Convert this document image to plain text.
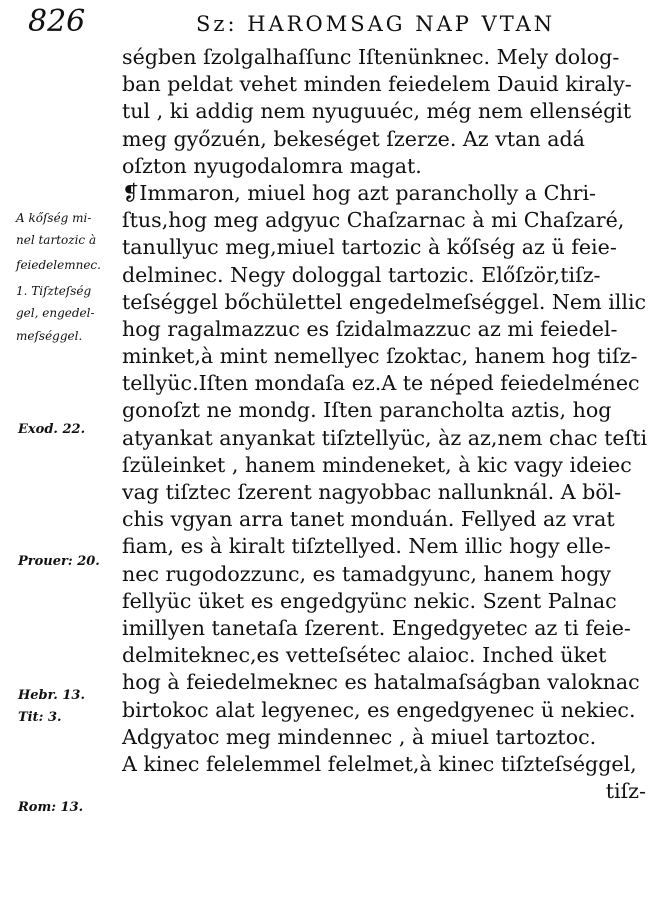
826	Sz: HAROMSAG NAP VTAN
ségben ſzolgalhaſſunc Iſtenünknec. Mely dolog-
ban peldat vehet minden feiedelem Dauid kiraly-
tul , ki addig nem nyuguuéc, még nem ellenségit
meg győzuén, bekeséget ſzerze. Az vtan adá
oſzton nyugodalomra magat.
❡Immaron, miuel hog azt parancholly a Chri-
ſtus,hog meg adgyuc Chaſzarnac à mi Chaſzaré,
tanullyuc meg,miuel tartozic à kőſség az ü feie-
delminec. Negy dologgal tartozic. Előſzör,tiſz-
teſséggel bőchülettel engedelmeſséggel. Nem illic
hog ragalmazzuc es ſzidalmazzuc az mi feiedel-
minket,à mint nemellyec ſzoktac, hanem hog tiſz-
tellyüc.Iſten mondaſa ez.A te néped feiedelménec
gonoſzt ne mondg. Iſten parancholta aztis, hog
atyankat anyankat tiſztellyüc, àz az,nem chac teſti
ſzüleinket , hanem mindeneket, à kic vagy ideiec
vag tiſztec ſzerent nagyobbac nallunknál. A böl-
chis vgyan arra tanet monduán. Fellyed az vrat
fiam, es à kiralt tiſztellyed. Nem illic hogy elle-
nec rugodozzunc, es tamadgyunc, hanem hogy
fellyüc üket es engedgyünc nekic. Szent Palnac
imillyen tanetaſa ſzerent. Engedgyetec az ti feie-
delmiteknec,es vetteſsétec alaioc. Inched üket
hog à feiedelmeknec es hatalmaſságban valoknac
birtokoc alat legyenec, es engedgyenec ü nekiec.
Adgyatoc meg mindennec , à miuel tartoztoc.
A kinec felelemmel felelmet,à kinec tiſzteſséggel,
tiſz-
A kőſség mi-
nel tartozic à
feiedelemnec.
1. Tiſzteſség
gel, engedel-
meſséggel.
Exod. 22.
Prouer: 20.
Hebr. 13.
Tit: 3.
Rom: 13.
